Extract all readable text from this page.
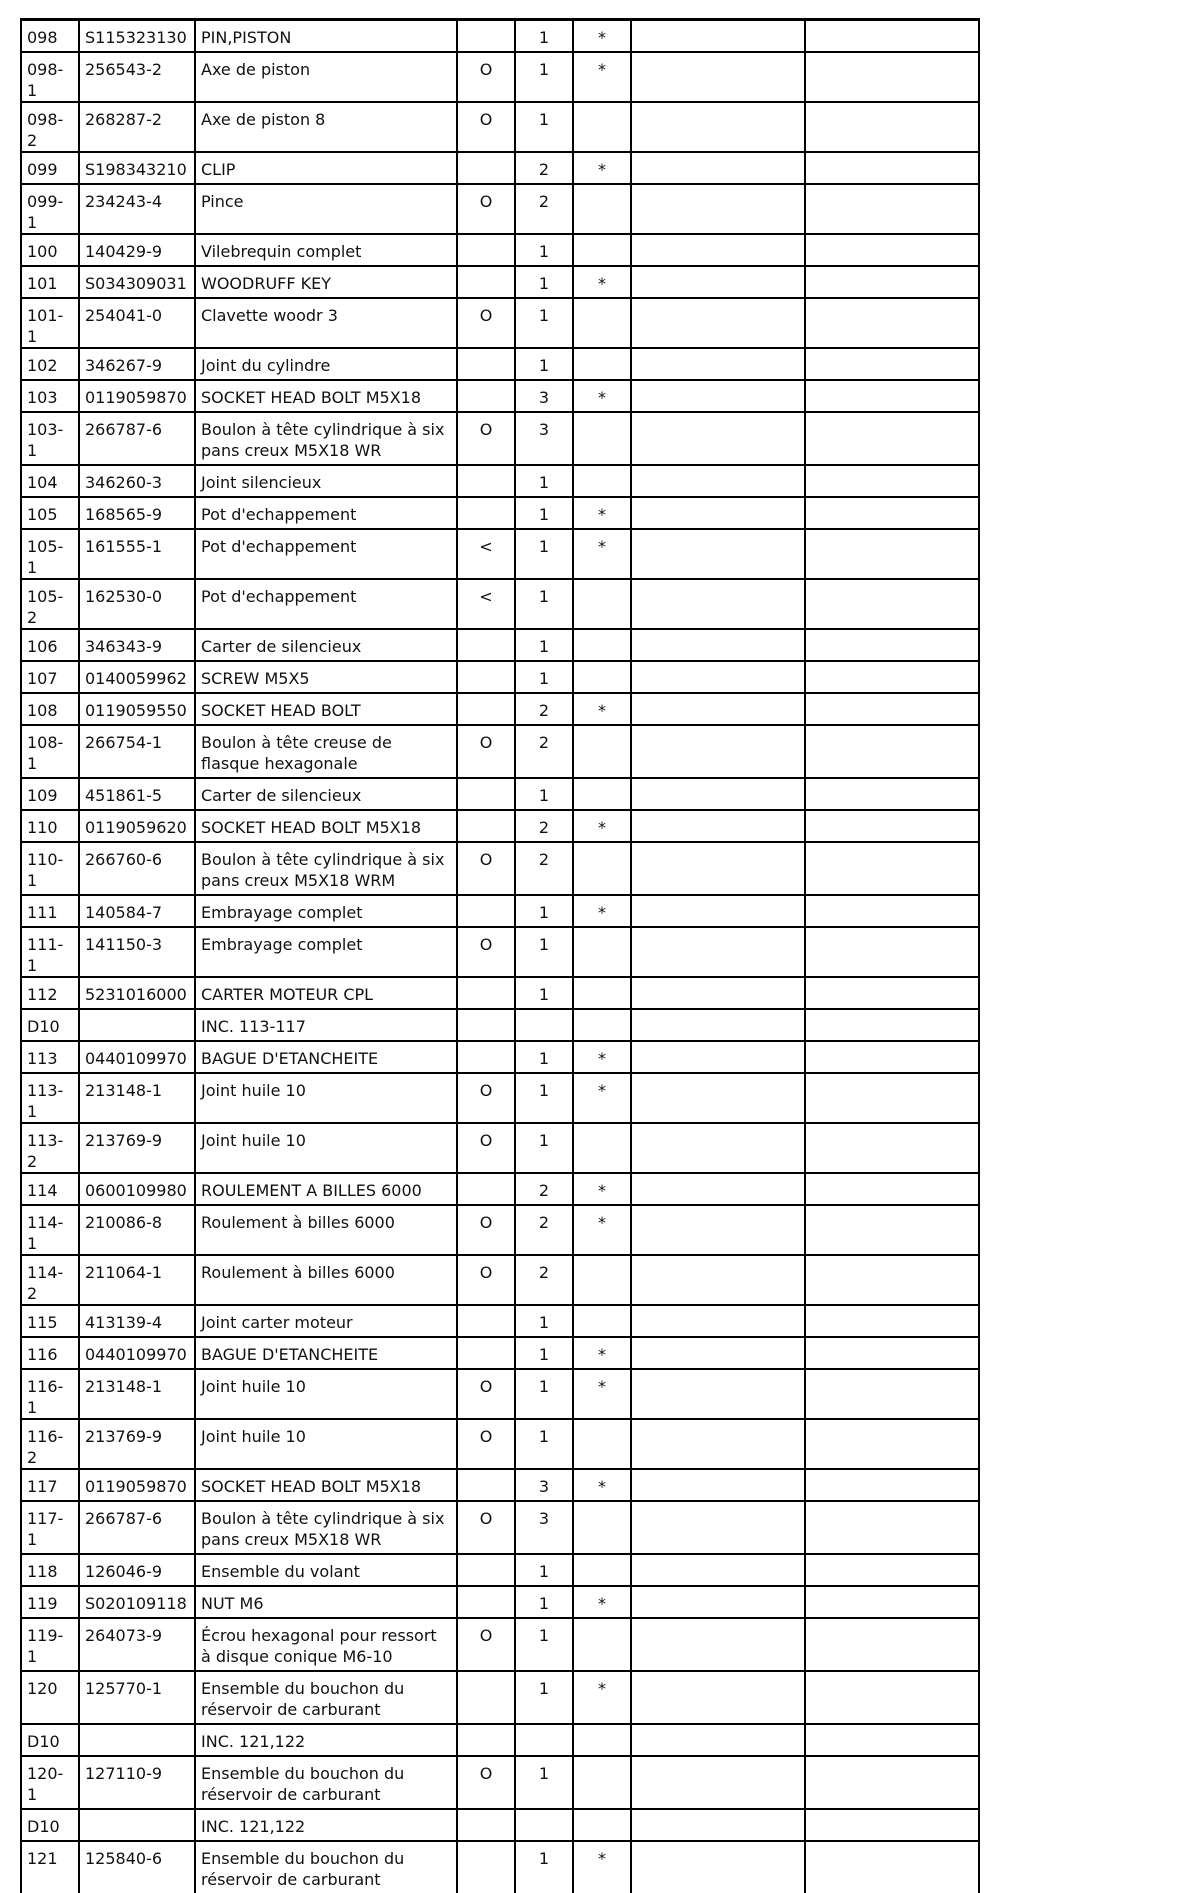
098	S115323130	PIN,PISTON		1	*		
098-1	256543-2	Axe de piston	O	1	*		
098-2	268287-2	Axe de piston 8	O	1			
099	S198343210	CLIP		2	*		
099-1	234243-4	Pince	O	2			
100	140429-9	Vilebrequin complet		1			
101	S034309031	WOODRUFF KEY		1	*		
101-1	254041-0	Clavette woodr 3	O	1			
102	346267-9	Joint du cylindre		1			
103	0119059870	SOCKET HEAD BOLT M5X18		3	*		
103-1	266787-6	Boulon à tête cylindrique à six pans creux M5X18 WR	O	3			
104	346260-3	Joint silencieux		1			
105	168565-9	Pot d'echappement		1	*		
105-1	161555-1	Pot d'echappement	<	1	*		
105-2	162530-0	Pot d'echappement	<	1			
106	346343-9	Carter de silencieux		1			
107	0140059962	SCREW M5X5		1			
108	0119059550	SOCKET HEAD BOLT		2	*		
108-1	266754-1	Boulon à tête creuse de flasque hexagonale	O	2			
109	451861-5	Carter de silencieux		1			
110	0119059620	SOCKET HEAD BOLT M5X18		2	*		
110-1	266760-6	Boulon à tête cylindrique à six pans creux M5X18 WRM	O	2			
111	140584-7	Embrayage complet		1	*		
111-1	141150-3	Embrayage complet	O	1			
112	5231016000	CARTER MOTEUR CPL		1			
D10		INC. 113-117					
113	0440109970	BAGUE D'ETANCHEITE		1	*		
113-1	213148-1	Joint huile 10	O	1	*		
113-2	213769-9	Joint huile 10	O	1			
114	0600109980	ROULEMENT A BILLES 6000		2	*		
114-1	210086-8	Roulement à billes 6000	O	2	*		
114-2	211064-1	Roulement à billes 6000	O	2			
115	413139-4	Joint carter moteur		1			
116	0440109970	BAGUE D'ETANCHEITE		1	*		
116-1	213148-1	Joint huile 10	O	1	*		
116-2	213769-9	Joint huile 10	O	1			
117	0119059870	SOCKET HEAD BOLT M5X18		3	*		
117-1	266787-6	Boulon à tête cylindrique à six pans creux M5X18 WR	O	3			
118	126046-9	Ensemble du volant		1			
119	S020109118	NUT M6		1	*		
119-1	264073-9	Écrou hexagonal pour ressort à disque conique M6-10	O	1			
120	125770-1	Ensemble du bouchon du réservoir de carburant		1	*		
D10		INC. 121,122					
120-1	127110-9	Ensemble du bouchon du réservoir de carburant	O	1			
D10		INC. 121,122					
121	125840-6	Ensemble du bouchon du réservoir de carburant		1	*		
